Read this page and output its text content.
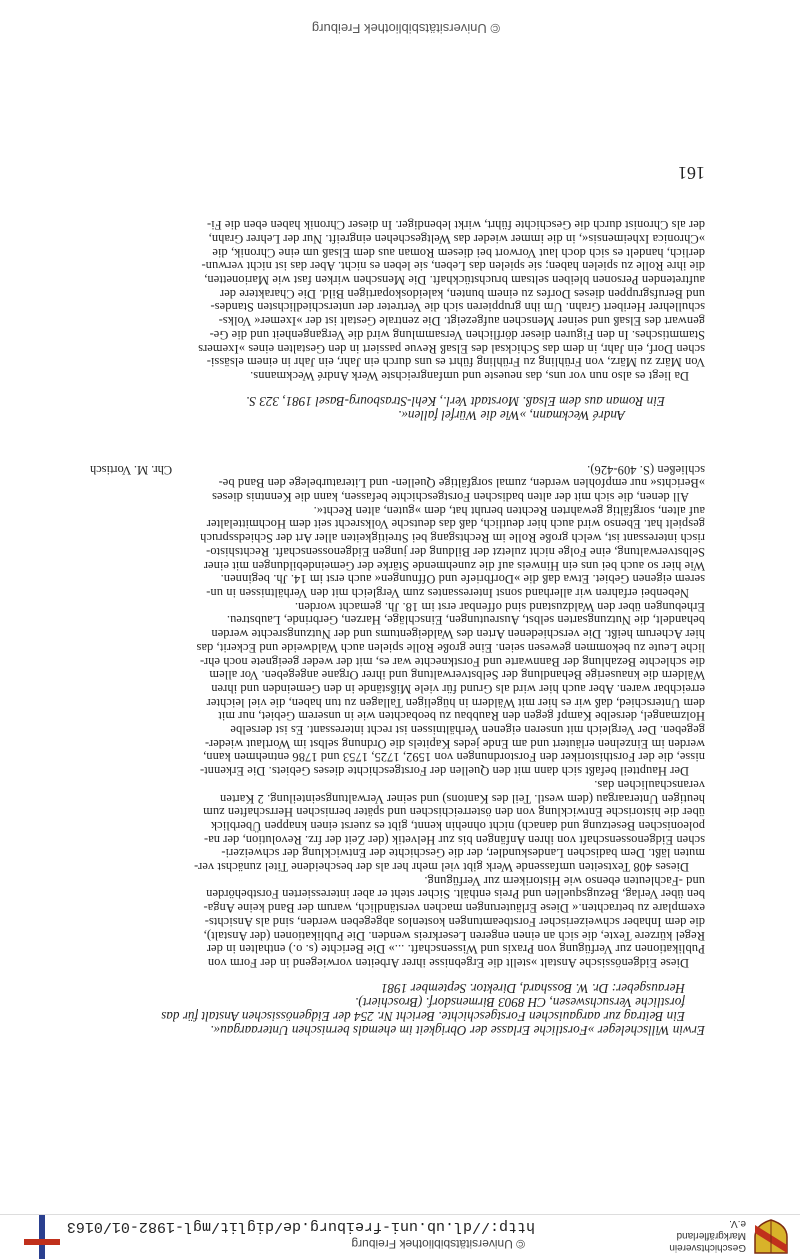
Geschichtsverein
Markgräflerland e.V.
© Universitätsbibliothek Freiburg
http://dl.ub.uni-freiburg.de/diglit/mgl-1982-01/0163
Erwin Willscheleger »Forstliche Erlasse der Obrigkeit im ehemals bernischen Unteraargau«.
Ein Beitrag zur aargauischen Forstgeschichte. Bericht Nr. 254 der Eidgenössischen Anstalt für das
forstliche Versuchswesen, CH 8903 Birmensdorf. (Broschiert).
Herausgeber: Dr. W. Bosshard, Direktor. September 1981
Diese Eidgenössische Anstalt »stellt die Ergebnisse ihrer Arbeiten vorwiegend in der Form von
Publikationen zur Verfügung von Praxis und Wissenschaft. ...» Die Berichte (s. o.) enthalten in der
Regel kürzere Texte, die sich an einen engeren Leserkreis wenden. Die Publikationen (der Anstalt),
die dem Inhaber schweizerischer Forstbeamtungen kostenlos abgegeben werden, sind als Ansichts-
exemplare zu betrachten.« Diese Erläuterungen machen verständlich, warum der Band keine Anga-
ben über Verlag, Bezugsquellen und Preis enthält. Sicher steht er aber interessierten Forstbehörden
und -Fachleuten ebenso wie Historikern zur Verfügung.
Dieses 408 Textseiten umfassende Werk gibt viel mehr her als der bescheidene Titel zunächst ver-
muten läßt. Dem badischen Landeskundler, der die Geschichte der Entwicklung der schweizeri-
schen Eidgenossenschaft von ihren Anfängen bis zur Helvetik (der Zeit der frz. Revolution, der na-
poleonischen Besetzung und danach) nicht ohnehin kennt, gibt es zuerst einen knappen Überblick
über die historische Entwicklung von den österreichischen und später bernischen Herrschaften zum
heutigen Unteraargau (dem westl. Teil des Kantons) und seiner Verwaltungseinteilung. 2 Karten
veranschaulichen das.
Der Hauptteil befaßt sich dann mit den Quellen der Forstgeschichte dieses Gebiets. Die Erkennt-
nisse, die der Forsthistoriker den Forstordnungen von 1592, 1725, 1753 und 1786 entnehmen kann,
werden im Einzelnen erläutert und am Ende jedes Kapitels die Ordnung selbst im Wortlaut wieder-
gegeben. Der Vergleich mit unseren eigenen Verhältnissen ist recht interessant. Es ist derselbe
Holzmangel, derselbe Kampf gegen den Raubbau zu beobachten wie in unserem Gebiet, nur mit
dem Unterschied, daß wir es hier mit Wäldern in hügeligen Tallagen zu tun haben, die viel leichter
erreichbar waren. Aber auch hier wird als Grund für viele Mißstände in den Gemeinden und ihren
Wäldern die knauserige Behandlung der Selbstverwaltung und ihrer Organe angegeben. Vor allem
die schlechte Bezahlung der Bannwarte und Forstknechte war es, mit der weder geeignete noch ehr-
liche Leute zu bekommen gewesen seien. Eine große Rolle spielen auch Waldweide und Eckerit, das
hier Acherum heißt. Die verschiedenen Arten des Waldeigentums und der Nutzungsrechte werden
behandelt, die Nutzungsarten selbst, Ausreutungen, Einschläge, Harzen, Gerbrinde, Laubstreu.
Erhebungen über den Waldzustand sind offenbar erst im 18. Jh. gemacht worden.
Nebenbei erfahren wir allerhand sonst Interessantes zum Vergleich mit den Verhältnissen in un-
serem eigenen Gebiet. Etwa daß die »Dorfbriefe und Offnungen« auch erst im 14. Jh. beginnen.
Wie hier so auch bei uns ein Hinweis auf die zunehmende Stärke der Gemeindebildungen mit einer
Selbstverwaltung, eine Folge nicht zuletzt der Bildung der jungen Eidgenossenschaft. Rechtshisto-
risch interessant ist, welch große Rolle im Rechtsgang bei Streitigkeiten aller Art der Schiedsspruch
gespielt hat. Ebenso wird auch hier deutlich, daß das deutsche Volksrecht seit dem Hochmittelalter
auf alten, sorgfältig gewahrten Rechten beruht hat, dem »guten, alten Recht«.
All denen, die sich mit der alten badischen Forstgeschichte befassen, kann die Kenntnis dieses
»Berichts« nur empfohlen werden, zumal sorgfältige Quellen- und Literaturbelege den Band be-
schließen (S. 409-426).
Chr. M. Vortisch
André Weckmann, »Wie die Würfel fallen«.
Ein Roman aus dem Elsaß. Morstadt Verl., Kehl-Strasbourg-Basel 1981, 323 S.
Da liegt es also nun vor uns, das neueste und umfangreichste Werk André Weckmanns.
Von März zu März, von Frühling zu Frühling führt es uns durch ein Jahr, ein Jahr in einem elsässi-
schen Dorf, ein Jahr, in dem das Schicksal des Elsaß Revue passiert in den Gestalten eines »Ixemers
Stammtisches. In den Figuren dieser dörflichen Versammlung wird die Vergangenheit und die Ge-
genwart des Elsaß und seiner Menschen aufgezeigt. Die zentrale Gestalt ist der »Ixemer« Volks-
schullehrer Heribert Grahn. Um ihn gruppieren sich die Vertreter der unterschiedlichsten Standes-
und Berufsgruppen dieses Dorfes zu einem bunten, kaleidoskopartigen Bild. Die Charaktere der
auftretenden Personen bleiben seltsam bruchstückhaft. Die Menschen wirken fast wie Marionetten,
die ihre Rolle zu spielen haben; sie spielen das Leben, sie leben es nicht. Aber das ist nicht verwun-
derlich, handelt es sich doch laut Vorwort bei diesem Roman aus dem Elsaß um eine Chronik, die
»Chronica Ixheimensis«, in die immer wieder das Weltgeschehen eingreift. Nur der Lehrer Grahn,
der als Chronist durch die Geschichte führt, wirkt lebendiger. In dieser Chronik haben eben die Fi-
161
© Universitätsbibliothek Freiburg
